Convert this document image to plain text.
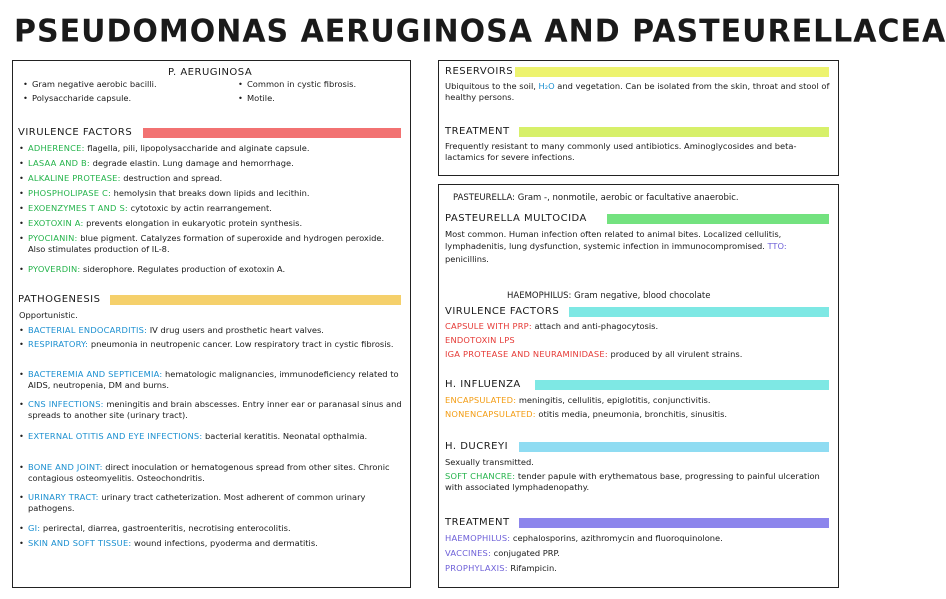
PSEUDOMONAS AERUGINOSA AND PASTEURELLACEA
P. AERUGINOSA
• Gram negative aerobic bacilli.
• Polysaccharide capsule.
• Common in cystic fibrosis.
• Motile.
VIRULENCE FACTORS
• ADHERENCE: flagella, pili, lipopolysaccharide and alginate capsule.
• LASAA AND B: degrade elastin. Lung damage and hemorrhage.
• ALKALINE PROTEASE: destruction and spread.
• PHOSPHOLIPASE C: hemolysin that breaks down lipids and lecithin.
• EXOENZYMES T AND S: cytotoxic by actin rearrangement.
• EXOTOXIN A: prevents elongation in eukaryotic protein synthesis.
• PYOCIANIN: blue pigment. Catalyzes formation of superoxide and hydrogen peroxide. Also stimulates production of IL-8.
• PYOVERDIN: siderophore. Regulates production of exotoxin A.
PATHOGENESIS
Opportunistic.
• BACTERIAL ENDOCARDITIS: IV drug users and prosthetic heart valves.
• RESPIRATORY: pneumonia in neutropenic cancer. Low respiratory tract in cystic fibrosis.
• BACTEREMIA AND SEPTICEMIA: hematologic malignancies, immunodeficiency related to AIDS, neutropenia, DM and burns.
• CNS INFECTIONS: meningitis and brain abscesses. Entry inner ear or paranasal sinus and spreads to another site (urinary tract).
• EXTERNAL OTITIS AND EYE INFECTIONS: bacterial keratitis. Neonatal opthalmia.
• BONE AND JOINT: direct inoculation or hematogenous spread from other sites. Chronic contagious osteomyelitis. Osteochondritis.
• URINARY TRACT: urinary tract catheterization. Most adherent of common urinary pathogens.
• GI: perirectal, diarrea, gastroenteritis, necrotising enterocolitis.
• SKIN AND SOFT TISSUE: wound infections, pyoderma and dermatitis.
RESERVOIRS
Ubiquitous to the soil, H₂O and vegetation. Can be isolated from the skin, throat and stool of healthy persons.
TREATMENT
Frequently resistant to many commonly used antibiotics. Aminoglycosides and beta-lactamics for severe infections.
PASTEURELLA: Gram -, nonmotile, aerobic or facultative anaerobic.
PASTEURELLA MULTOCIDA
Most common. Human infection often related to animal bites. Localized cellulitis, lymphadenitis, lung dysfunction, systemic infection in immunocompromised. TTO: penicillins.
HAEMOPHILUS: Gram negative, blood chocolate
VIRULENCE FACTORS
CAPSULE WITH PRP: attach and anti-phagocytosis.
ENDOTOXIN LPS
IGA PROTEASE AND NEURAMINIDASE: produced by all virulent strains.
H. INFLUENZA
ENCAPSULATED: meningitis, cellulitis, epiglotitis, conjunctivitis.
NONENCAPSULATED: otitis media, pneumonia, bronchitis, sinusitis.
H. DUCREYI
Sexually transmitted.
SOFT CHANCRE: tender papule with erythematous base, progressing to painful ulceration with associated lymphadenopathy.
TREATMENT
HAEMOPHILUS: cephalosporins, azithromycin and fluoroquinolone.
VACCINES: conjugated PRP.
PROPHYLAXIS: Rifampicin.
